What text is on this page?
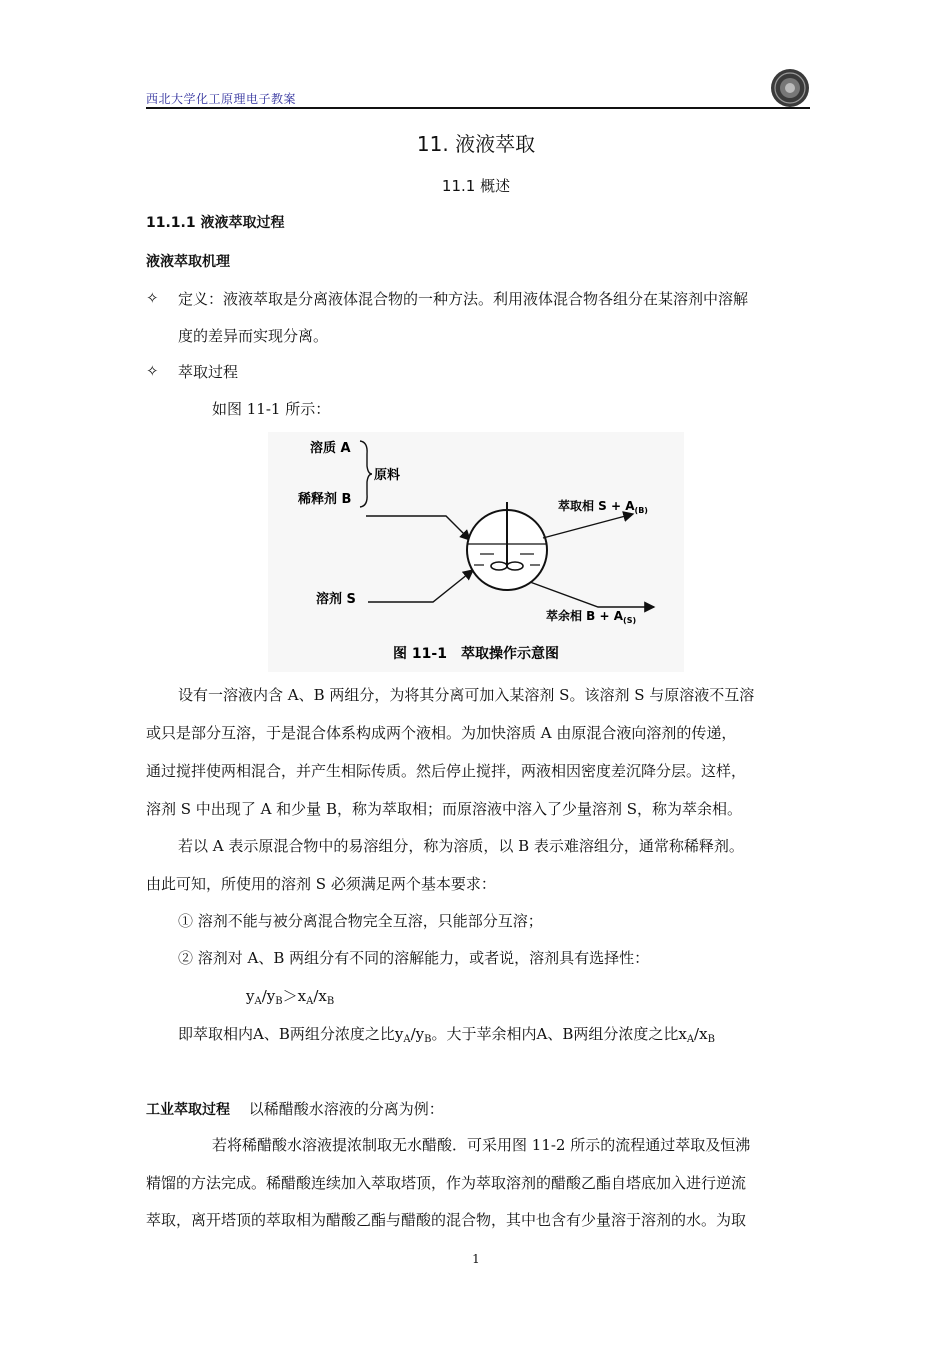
西北大学化工原理电子教案
11. 液液萃取
11.1 概述
11.1.1 液液萃取过程
液液萃取机理
✧ 定义：液液萃取是分离液体混合物的一种方法。利用液体混合物各组分在某溶剂中溶解
度的差异而实现分离。
✧ 萃取过程
如图 11-1 所示：
溶质 A
稀释剂 B
原料
溶剂 S
萃取相 $S + A_{(B)}$
萃余相 $B + A_{(S)}$
图 11-1　萃取操作示意图
设有一溶液内含 A、B 两组分，为将其分离可加入某溶剂 S。该溶剂 S 与原溶液不互溶
或只是部分互溶，于是混合体系构成两个液相。为加快溶质 A 由原混合液向溶剂的传递，
通过搅拌使两相混合，并产生相际传质。然后停止搅拌，两液相因密度差沉降分层。这样，
溶剂 S 中出现了 A 和少量 B，称为萃取相；而原溶液中溶入了少量溶剂 S，称为萃余相。
若以 A 表示原混合物中的易溶组分，称为溶质，以 B 表示难溶组分，通常称稀释剂。
由此可知，所使用的溶剂 S 必须满足两个基本要求：
① 溶剂不能与被分离混合物完全互溶，只能部分互溶；
② 溶剂对 A、B 两组分有不同的溶解能力，或者说，溶剂具有选择性：
$y_A/y_B>x_A/x_B$
即萃取相内A、B两组分浓度之比$y_A/y_B$。大于苹余相内A、B两组分浓度之比$x_A/x_B$
工业萃取过程 以稀醋酸水溶液的分离为例：
若将稀醋酸水溶液提浓制取无水醋酸．可采用图 11-2 所示的流程通过萃取及恒沸
精馏的方法完成。稀醋酸连续加入萃取塔顶，作为萃取溶剂的醋酸乙酯自塔底加入进行逆流
萃取，离开塔顶的萃取相为醋酸乙酯与醋酸的混合物，其中也含有少量溶于溶剂的水。为取
1
